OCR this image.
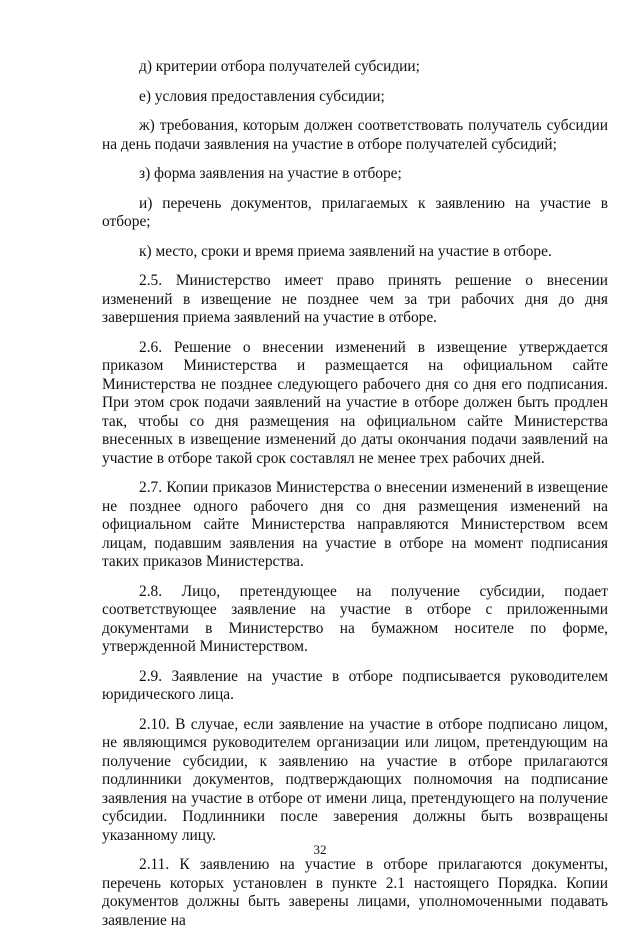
д) критерии отбора получателей субсидии;

е) условия предоставления субсидии;

ж) требования, которым должен соответствовать получатель субсидии на день подачи заявления на участие в отборе получателей субсидий;

з) форма заявления на участие в отборе;

и) перечень документов, прилагаемых к заявлению на участие в отборе;

к) место, сроки и время приема заявлений на участие в отборе.

2.5. Министерство имеет право принять решение о внесении изменений в извещение не позднее чем за три рабочих дня до дня завершения приема заявлений на участие в отборе.

2.6. Решение о внесении изменений в извещение утверждается приказом Министерства и размещается на официальном сайте Министерства не позднее следующего рабочего дня со дня его подписания. При этом срок подачи заявлений на участие в отборе должен быть продлен так, чтобы со дня размещения на официальном сайте Министерства внесенных в извещение изменений до даты окончания подачи заявлений на участие в отборе такой срок составлял не менее трех рабочих дней.

2.7. Копии приказов Министерства о внесении изменений в извещение не позднее одного рабочего дня со дня размещения изменений на официальном сайте Министерства направляются Министерством всем лицам, подавшим заявления на участие в отборе на момент подписания таких приказов Министерства.

2.8. Лицо, претендующее на получение субсидии, подает соответствующее заявление на участие в отборе с приложенными документами в Министерство на бумажном носителе по форме, утвержденной Министерством.

2.9. Заявление на участие в отборе подписывается руководителем юридического лица.

2.10. В случае, если заявление на участие в отборе подписано лицом, не являющимся руководителем организации или лицом, претендующим на получение субсидии, к заявлению на участие в отборе прилагаются подлинники документов, подтверждающих полномочия на подписание заявления на участие в отборе от имени лица, претендующего на получение субсидии. Подлинники после заверения должны быть возвращены указанному лицу.

2.11. К заявлению на участие в отборе прилагаются документы, перечень которых установлен в пункте 2.1 настоящего Порядка. Копии документов должны быть заверены лицами, уполномоченными подавать заявление на

32
